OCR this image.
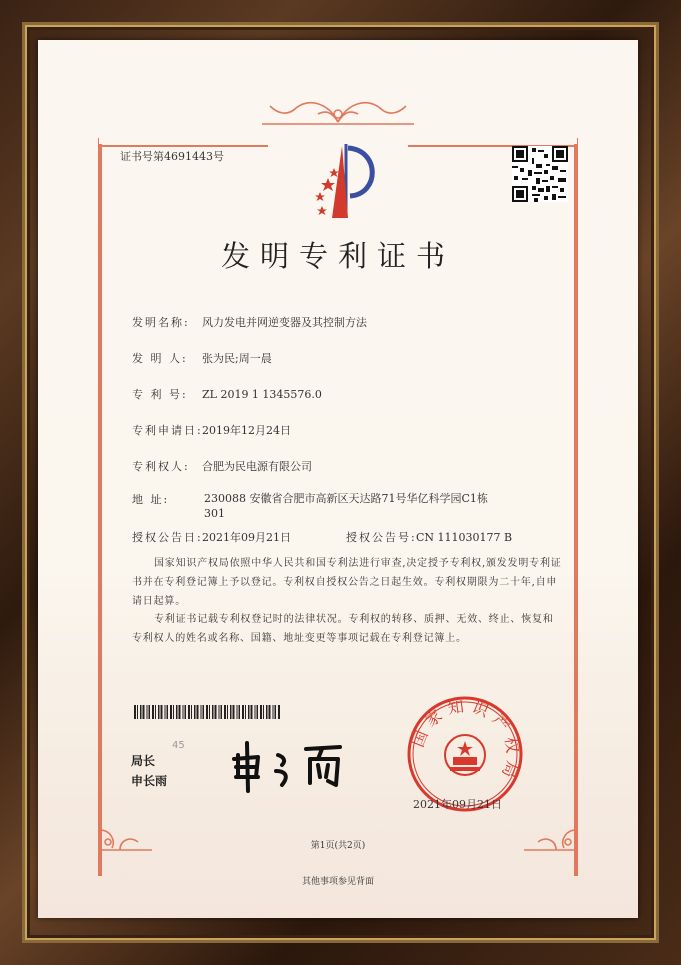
证书号第4691443号
发明专利证书
发明名称: 风力发电并网逆变器及其控制方法
发 明 人: 张为民;周一晨
专 利 号: ZL 2019 1 1345576.0
专利申请日:2019年12月24日
专利权人: 合肥为民电源有限公司
地 址:	230088 安徽省合肥市高新区天达路71号华亿科学园C1栋301
授权公告日:2021年09月21日	授权公告号:CN 111030177 B
国家知识产权局依照中华人民共和国专利法进行审查,决定授予专利权,颁发发明专利证书并在专利登记簿上予以登记。专利权自授权公告之日起生效。专利权期限为二十年,自申请日起算。
专利证书记载专利权登记时的法律状况。专利权的转移、质押、无效、终止、恢复和专利权人的姓名或名称、国籍、地址变更等事项记载在专利登记簿上。
45
局长
申长雨
国家知识产权局
2021年09月21日
第1页(共2页)
其他事项参见背面
